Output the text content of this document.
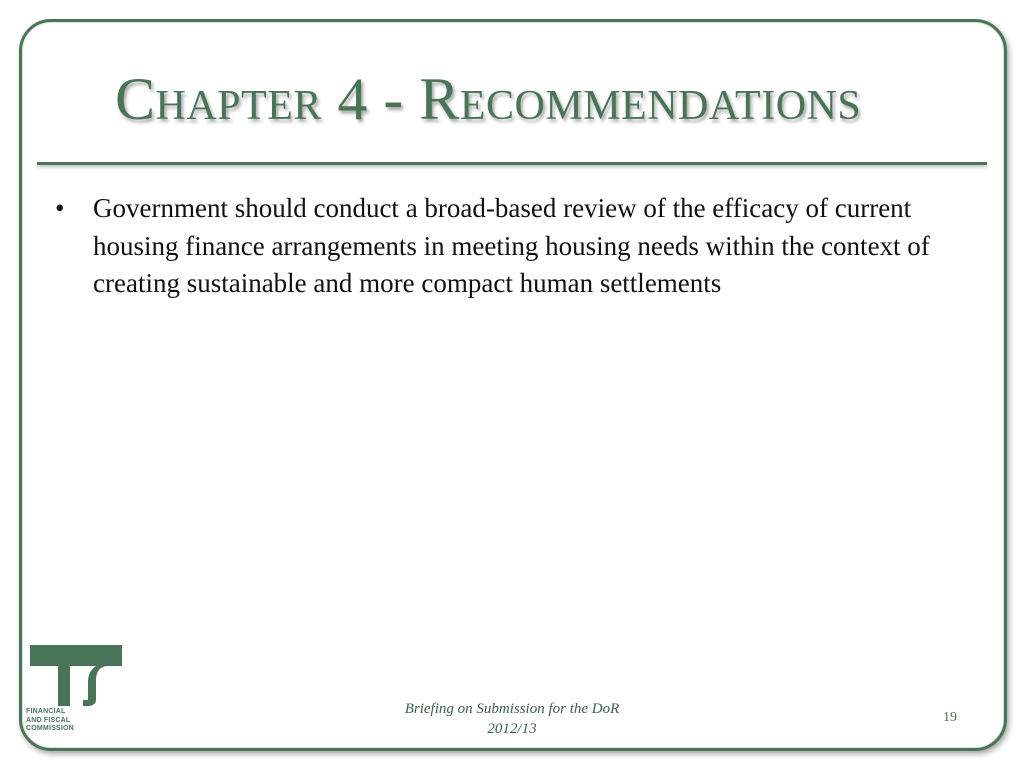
Chapter 4 - Recommendations
• Government should conduct a broad-based review of the efficacy of current housing finance arrangements in meeting housing needs within the context of creating sustainable and more compact human settlements
FINANCIAL
AND FISCAL
COMMISSION
Briefing on Submission for the DoR
2012/13
19
